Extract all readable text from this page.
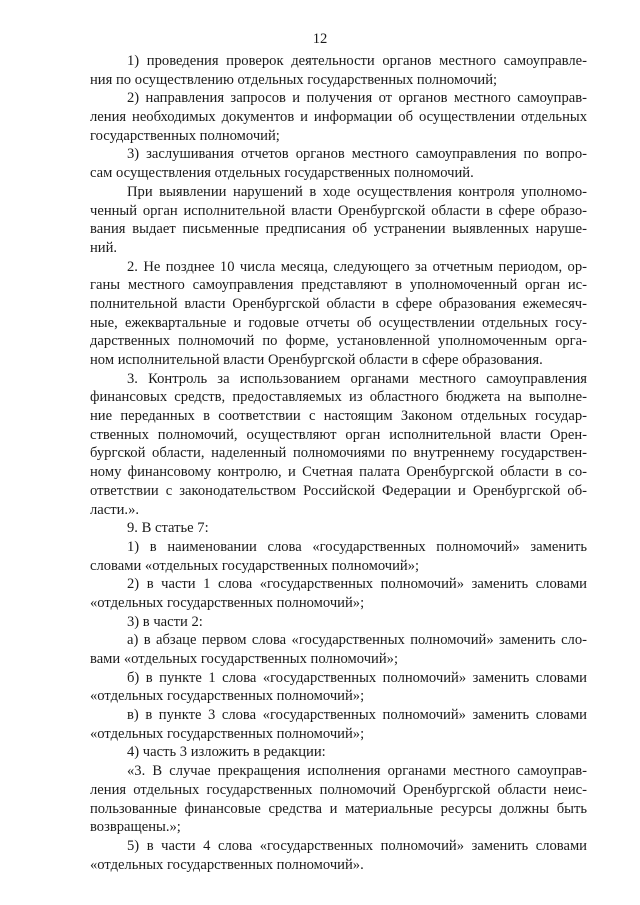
12
1) проведения проверок деятельности органов местного самоуправле-
ния по осуществлению отдельных государственных полномочий;
2) направления запросов и получения от органов местного самоуправ-
ления необходимых документов и информации об осуществлении отдельных
государственных полномочий;
3) заслушивания отчетов органов местного самоуправления по вопро-
сам осуществления отдельных государственных полномочий.
При выявлении нарушений в ходе осуществления контроля уполномо-
ченный орган исполнительной власти Оренбургской области в сфере образо-
вания выдает письменные предписания об устранении выявленных наруше-
ний.
2. Не позднее 10 числа месяца, следующего за отчетным периодом, ор-
ганы местного самоуправления представляют в уполномоченный орган ис-
полнительной власти Оренбургской области в сфере образования ежемесяч-
ные, ежеквартальные и годовые отчеты об осуществлении отдельных госу-
дарственных полномочий по форме, установленной уполномоченным орга-
ном исполнительной власти Оренбургской области в сфере образования.
3. Контроль за использованием органами местного самоуправления
финансовых средств, предоставляемых из областного бюджета на выполне-
ние переданных в соответствии с настоящим Законом отдельных государ-
ственных полномочий, осуществляют орган исполнительной власти Орен-
бургской области, наделенный полномочиями по внутреннему государствен-
ному финансовому контролю, и Счетная палата Оренбургской области в со-
ответствии с законодательством Российской Федерации и Оренбургской об-
ласти.».
9. В статье 7:
1) в наименовании слова «государственных полномочий» заменить
словами «отдельных государственных полномочий»;
2) в части 1 слова «государственных полномочий» заменить словами
«отдельных государственных полномочий»;
3) в части 2:
а) в абзаце первом слова «государственных полномочий» заменить сло-
вами «отдельных государственных полномочий»;
б) в пункте 1 слова «государственных полномочий» заменить словами
«отдельных государственных полномочий»;
в) в пункте 3 слова «государственных полномочий» заменить словами
«отдельных государственных полномочий»;
4) часть 3 изложить в редакции:
«3. В случае прекращения исполнения органами местного самоуправ-
ления отдельных государственных полномочий Оренбургской области неис-
пользованные финансовые средства и материальные ресурсы должны быть
возвращены.»;
5) в части 4 слова «государственных полномочий» заменить словами
«отдельных государственных полномочий».
